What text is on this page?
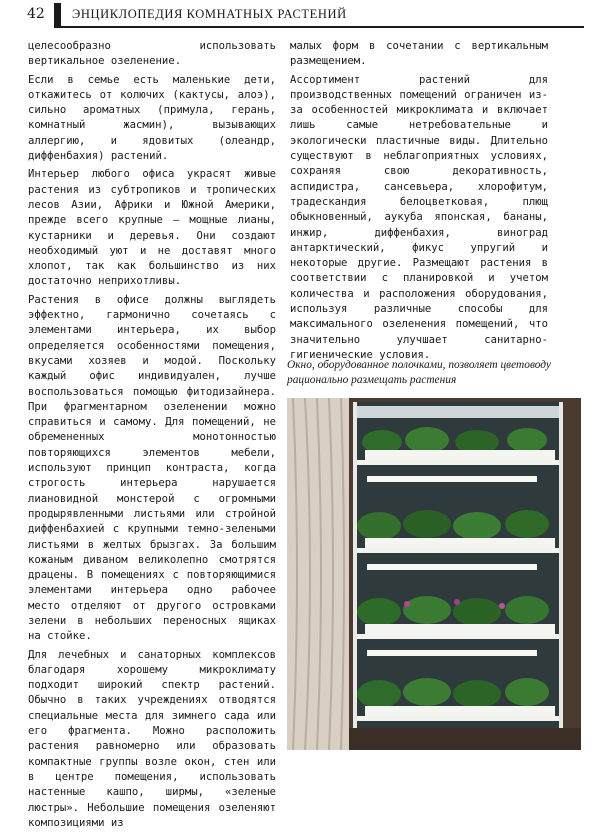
42 ЭНЦИКЛОПЕДИЯ КОМНАТНЫХ РАСТЕНИЙ

целесообразно использовать вертикальное озеленение.

Если в семье есть маленькие дети, откажитесь от колючих (кактусы, алоэ), сильно ароматных (примула, герань, комнатный жасмин), вызывающих аллергию, и ядовитых (олеандр, диффенбахия) растений.

Интерьер любого офиса украсят живые растения из субтропиков и тропических лесов Азии, Африки и Южной Америки, прежде всего крупные — мощные лианы, кустарники и деревья. Они создают необходимый уют и не доставят много хлопот, так как большинство из них достаточно неприхотливы.

Растения в офисе должны выглядеть эффектно, гармонично сочетаясь с элементами интерьера, их выбор определяется особенностями помещения, вкусами хозяев и модой. Поскольку каждый офис индивидуален, лучше воспользоваться помощью фитодизайнера. При фрагментарном озеленении можно справиться и самому. Для помещений, не обремененных монотонностью повторяющихся элементов мебели, используют принцип контраста, когда строгость интерьера нарушается лиановидной монстерой с огромными продырявленными листьями или стройной диффенбахией с крупными темно-зелеными листьями в желтых брызгах. За большим кожаным диваном великолепно смотрятся драцены. В помещениях с повторяющимися элементами интерьера одно рабочее место отделяют от другого островками зелени в небольших переносных ящиках на стойке.

Для лечебных и санаторных комплексов благодаря хорошему микроклимату подходит широкий спектр растений. Обычно в таких учреждениях отводятся специальные места для зимнего сада или его фрагмента. Можно расположить растения равномерно или образовать компактные группы возле окон, стен или в центре помещения, использовать настенные кашпо, ширмы, «зеленые люстры». Небольшие помещения озеленяют композициями из

малых форм в сочетании с вертикальным размещением.

Ассортимент растений для производственных помещений ограничен из-за особенностей микроклимата и включает лишь самые нетребовательные и экологически пластичные виды. Длительно существуют в неблагоприятных условиях, сохраняя свою декоративность, аспидистра, сансевьера, хлорофитум, традескандия белоцветковая, плющ обыкновенный, аукуба японская, бананы, инжир, диффенбахия, виноград антарктический, фикус упругий и некоторые другие. Размещают растения в соответствии с планировкой и учетом количества и расположения оборудования, используя различные способы для максимального озеленения помещений, что значительно улучшает санитарно-гигиенические условия.

Окно, оборудованное полочками, позволяет цветоводу рационально размещать растения
